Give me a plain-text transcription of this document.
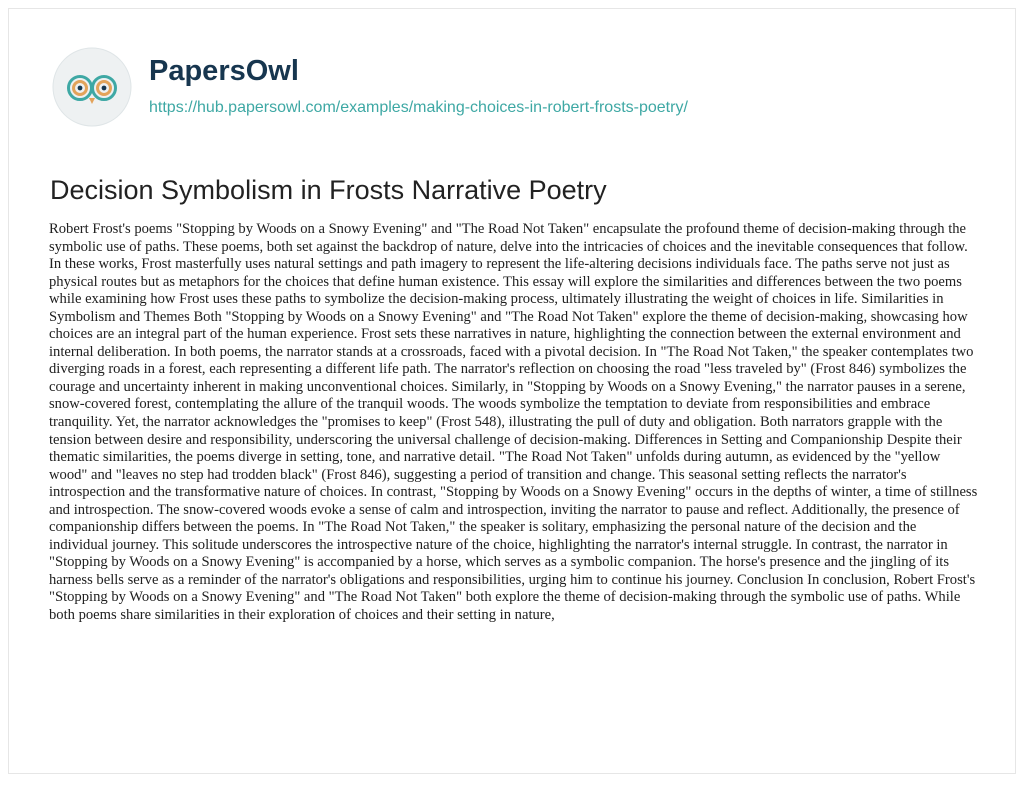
PapersOwl
https://hub.papersowl.com/examples/making-choices-in-robert-frosts-poetry/
Decision Symbolism in Frosts Narrative Poetry

Robert Frost's poems "Stopping by Woods on a Snowy Evening" and "The Road Not Taken" encapsulate the profound theme of decision-making through the symbolic use of paths. These poems, both set against the backdrop of nature, delve into the intricacies of choices and the inevitable consequences that follow. In these works, Frost masterfully uses natural settings and path imagery to represent the life-altering decisions individuals face. The paths serve not just as physical routes but as metaphors for the choices that define human existence. This essay will explore the similarities and differences between the two poems while examining how Frost uses these paths to symbolize the decision-making process, ultimately illustrating the weight of choices in life. Similarities in Symbolism and Themes Both "Stopping by Woods on a Snowy Evening" and "The Road Not Taken" explore the theme of decision-making, showcasing how choices are an integral part of the human experience. Frost sets these narratives in nature, highlighting the connection between the external environment and internal deliberation. In both poems, the narrator stands at a crossroads, faced with a pivotal decision. In "The Road Not Taken," the speaker contemplates two diverging roads in a forest, each representing a different life path. The narrator's reflection on choosing the road "less traveled by" (Frost 846) symbolizes the courage and uncertainty inherent in making unconventional choices. Similarly, in "Stopping by Woods on a Snowy Evening," the narrator pauses in a serene, snow-covered forest, contemplating the allure of the tranquil woods. The woods symbolize the temptation to deviate from responsibilities and embrace tranquility. Yet, the narrator acknowledges the "promises to keep" (Frost 548), illustrating the pull of duty and obligation. Both narrators grapple with the tension between desire and responsibility, underscoring the universal challenge of decision-making. Differences in Setting and Companionship Despite their thematic similarities, the poems diverge in setting, tone, and narrative detail. "The Road Not Taken" unfolds during autumn, as evidenced by the "yellow wood" and "leaves no step had trodden black" (Frost 846), suggesting a period of transition and change. This seasonal setting reflects the narrator's introspection and the transformative nature of choices. In contrast, "Stopping by Woods on a Snowy Evening" occurs in the depths of winter, a time of stillness and introspection. The snow-covered woods evoke a sense of calm and introspection, inviting the narrator to pause and reflect. Additionally, the presence of companionship differs between the poems. In "The Road Not Taken," the speaker is solitary, emphasizing the personal nature of the decision and the individual journey. This solitude underscores the introspective nature of the choice, highlighting the narrator's internal struggle. In contrast, the narrator in "Stopping by Woods on a Snowy Evening" is accompanied by a horse, which serves as a symbolic companion. The horse's presence and the jingling of its harness bells serve as a reminder of the narrator's obligations and responsibilities, urging him to continue his journey. Conclusion In conclusion, Robert Frost's "Stopping by Woods on a Snowy Evening" and "The Road Not Taken" both explore the theme of decision-making through the symbolic use of paths. While both poems share similarities in their exploration of choices and their setting in nature,
